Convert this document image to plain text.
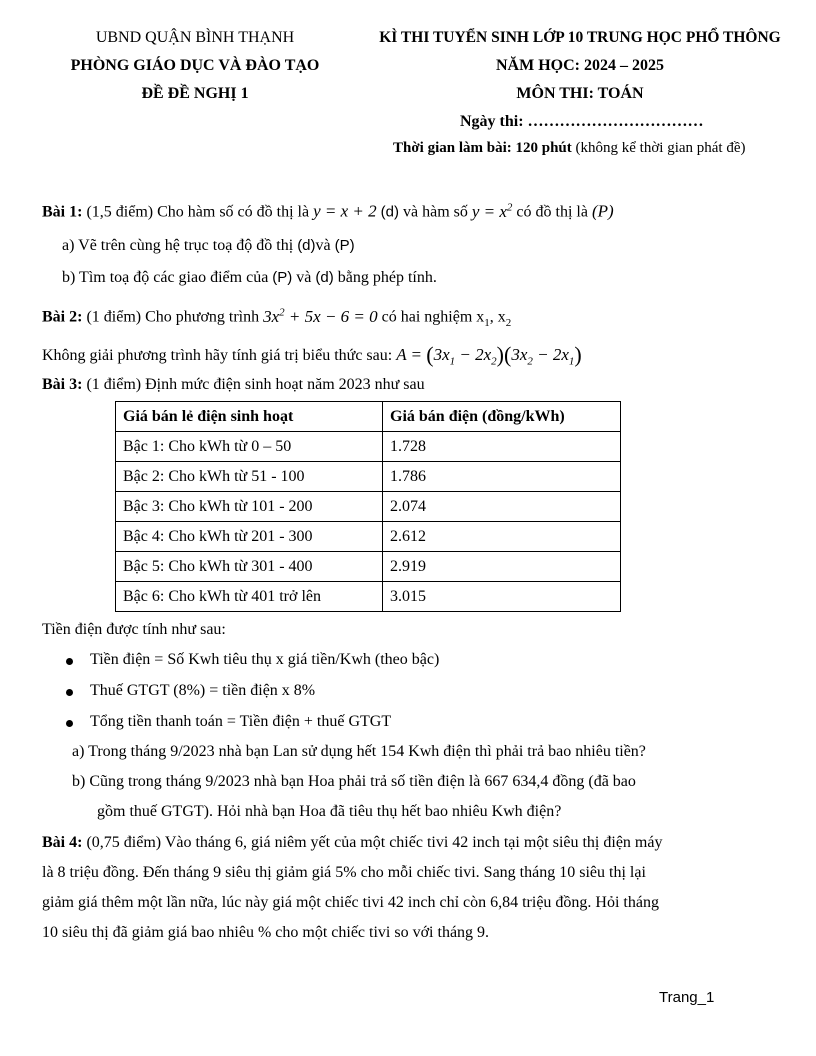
UBND QUẬN BÌNH THẠNH
PHÒNG GIÁO DỤC VÀ ĐÀO TẠO
ĐỀ ĐỀ NGHỊ 1
KÌ THI TUYỂN SINH LỚP 10 TRUNG HỌC PHỔ THÔNG
NĂM HỌC: 2024 – 2025
MÔN THI: TOÁN
Ngày thi: ……………………………
Thời gian làm bài: 120 phút (không kể thời gian phát đề)
Bài 1: (1,5 điểm) Cho hàm số có đồ thị là y = x + 2 (d) và hàm số $y = x^2$ có đồ thị là (P)
a) Vẽ trên cùng hệ trục toạ độ đồ thị (d)và (P)
b) Tìm toạ độ các giao điểm của (P) và (d) bằng phép tính.
Bài 2: (1 điểm) Cho phương trình $3x^2 + 5x - 6 = 0$ có hai nghiệm $x_1$, $x_2$
Không giải phương trình hãy tính giá trị biểu thức sau: $A = (3x_1 - 2x_2)(3x_2 - 2x_1)$
Bài 3: (1 điểm) Định mức điện sinh hoạt năm 2023 như sau
Giá bán lẻ điện sinh hoạt	Giá bán điện (đồng/kWh)
Bậc 1: Cho kWh từ 0 – 50	1.728
Bậc 2: Cho kWh từ 51 - 100	1.786
Bậc 3: Cho kWh từ 101 - 200	2.074
Bậc 4: Cho kWh từ 201 - 300	2.612
Bậc 5: Cho kWh từ 301 - 400	2.919
Bậc 6: Cho kWh từ 401 trở lên	3.015
Tiền điện được tính như sau:
Tiền điện = Số Kwh tiêu thụ x giá tiền/Kwh (theo bậc)
Thuế GTGT (8%) = tiền điện x 8%
Tổng tiền thanh toán = Tiền điện + thuế GTGT
a) Trong tháng 9/2023 nhà bạn Lan sử dụng hết 154 Kwh điện thì phải trả bao nhiêu tiền?
b) Cũng trong tháng 9/2023 nhà bạn Hoa phải trả số tiền điện là 667 634,4 đồng (đã bao
gồm thuế GTGT). Hỏi nhà bạn Hoa đã tiêu thụ hết bao nhiêu Kwh điện?
Bài 4: (0,75 điểm) Vào tháng 6, giá niêm yết của một chiếc tivi 42 inch tại một siêu thị điện máy
là 8 triệu đồng. Đến tháng 9 siêu thị giảm giá 5% cho mỗi chiếc tivi. Sang tháng 10 siêu thị lại
giảm giá thêm một lần nữa, lúc này giá một chiếc tivi 42 inch chỉ còn 6,84 triệu đồng. Hỏi tháng
10 siêu thị đã giảm giá bao nhiêu % cho một chiếc tivi so với tháng 9.
Trang_1
